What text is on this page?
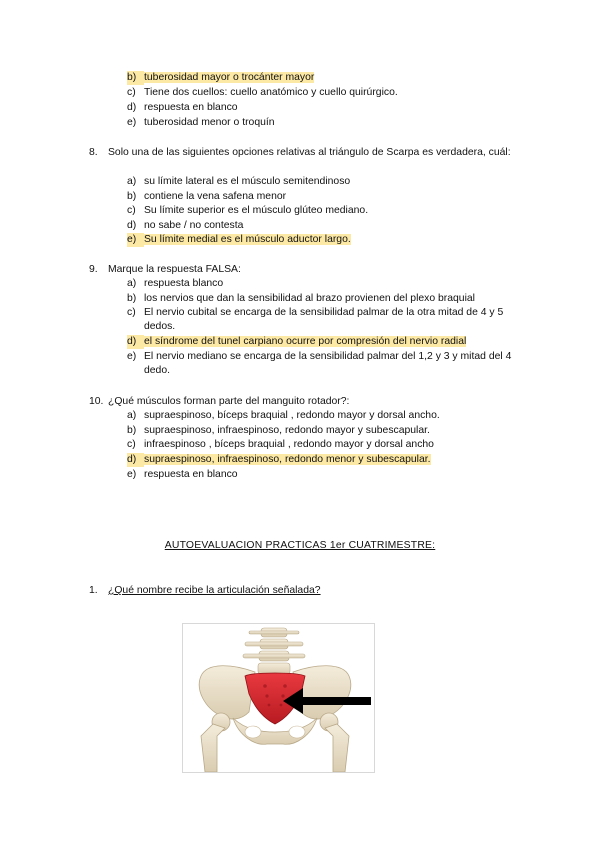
b) tuberosidad mayor o trocánter mayor
c) Tiene dos cuellos: cuello anatómico y cuello quirúrgico.
d) respuesta en blanco
e) tuberosidad menor o troquín
8. Solo una de las siguientes opciones relativas al triángulo de Scarpa es verdadera, cuál:
a) su límite lateral es el músculo semitendinoso
b) contiene la vena safena menor
c) Su límite superior es el músculo glúteo mediano.
d) no sabe / no contesta
e) Su límite medial es el músculo aductor largo.
9. Marque la respuesta FALSA:
a) respuesta blanco
b) los nervios que dan la sensibilidad al brazo provienen del plexo braquial
c) El nervio cubital se encarga de la sensibilidad palmar de la otra mitad de 4 y 5 dedos.
d) el síndrome del tunel carpiano ocurre por compresión del nervio radial
e) El nervio mediano se encarga de la sensibilidad palmar del 1,2 y 3 y mitad del 4 dedo.
10. ¿Qué músculos forman parte del manguito rotador?:
a) supraespinoso, bíceps braquial , redondo mayor y dorsal ancho.
b) supraespinoso, infraespinoso, redondo mayor y subescapular.
c) infraespinoso , bíceps braquial , redondo mayor y dorsal ancho
d) supraespinoso, infraespinoso, redondo menor y subescapular.
e) respuesta en blanco
AUTOEVALUACION PRACTICAS 1er CUATRIMESTRE:
1. ¿Qué nombre recibe la articulación señalada?
